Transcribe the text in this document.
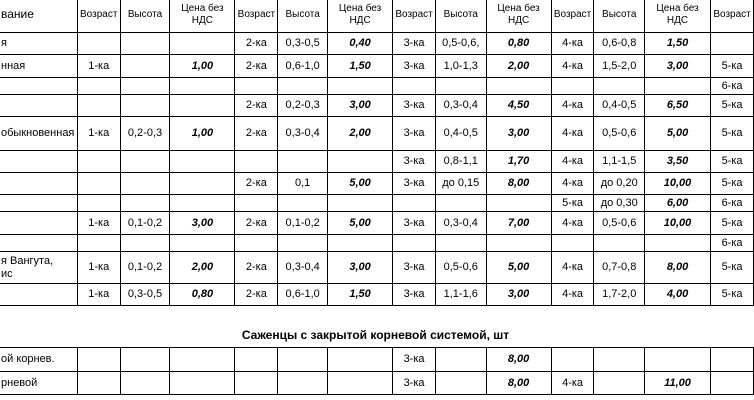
вание	Возраст	Высота	Цена без НДС	Возраст	Высота	Цена без НДС	Возраст	Высота	Цена без НДС	Возраст	Высота	Цена без НДС	Возраст
я				2-ка	0,3-0,5	0,40	3-ка	0,5-0,6,	0,80	4-ка	0,6-0,8	1,50	
нная	1-ка		1,00	2-ка	0,6-1,0	1,50	3-ка	1,0-1,3	2,00	4-ка	1,5-2,0	3,00	5-ка
													6-ка
				2-ка	0,2-0,3	3,00	3-ка	0,3-0,4	4,50	4-ка	0,4-0,5	6,50	5-ка
обыкновенная	1-ка	0,2-0,3	1,00	2-ка	0,3-0,4	2,00	3-ка	0,4-0,5	3,00	4-ка	0,5-0,6	5,00	5-ка
							3-ка	0,8-1,1	1,70	4-ка	1,1-1,5	3,50	5-ка
				2-ка	0,1	5,00	3-ка	до 0,15	8,00	4-ка	до 0,20	10,00	5-ка
										5-ка	до 0,30	6,00	6-ка
	1-ка	0,1-0,2	3,00	2-ка	0,1-0,2	5,00	3-ка	0,3-0,4	7,00	4-ка	0,5-0,6	10,00	5-ка
													6-ка
я Вангута,
ис	1-ка	0,1-0,2	2,00	2-ка	0,3-0,4	3,00	3-ка	0,5-0,6	5,00	4-ка	0,7-0,8	8,00	5-ка
	1-ка	0,3-0,5	0,80	2-ка	0,6-1,0	1,50	3-ка	1,1-1,6	3,00	4-ка	1,7-2,0	4,00	5-ка

Саженцы с закрытой корневой системой, шт													
ой корнев.							3-ка		8,00				
рневой							3-ка		8,00	4-ка		11,00	
